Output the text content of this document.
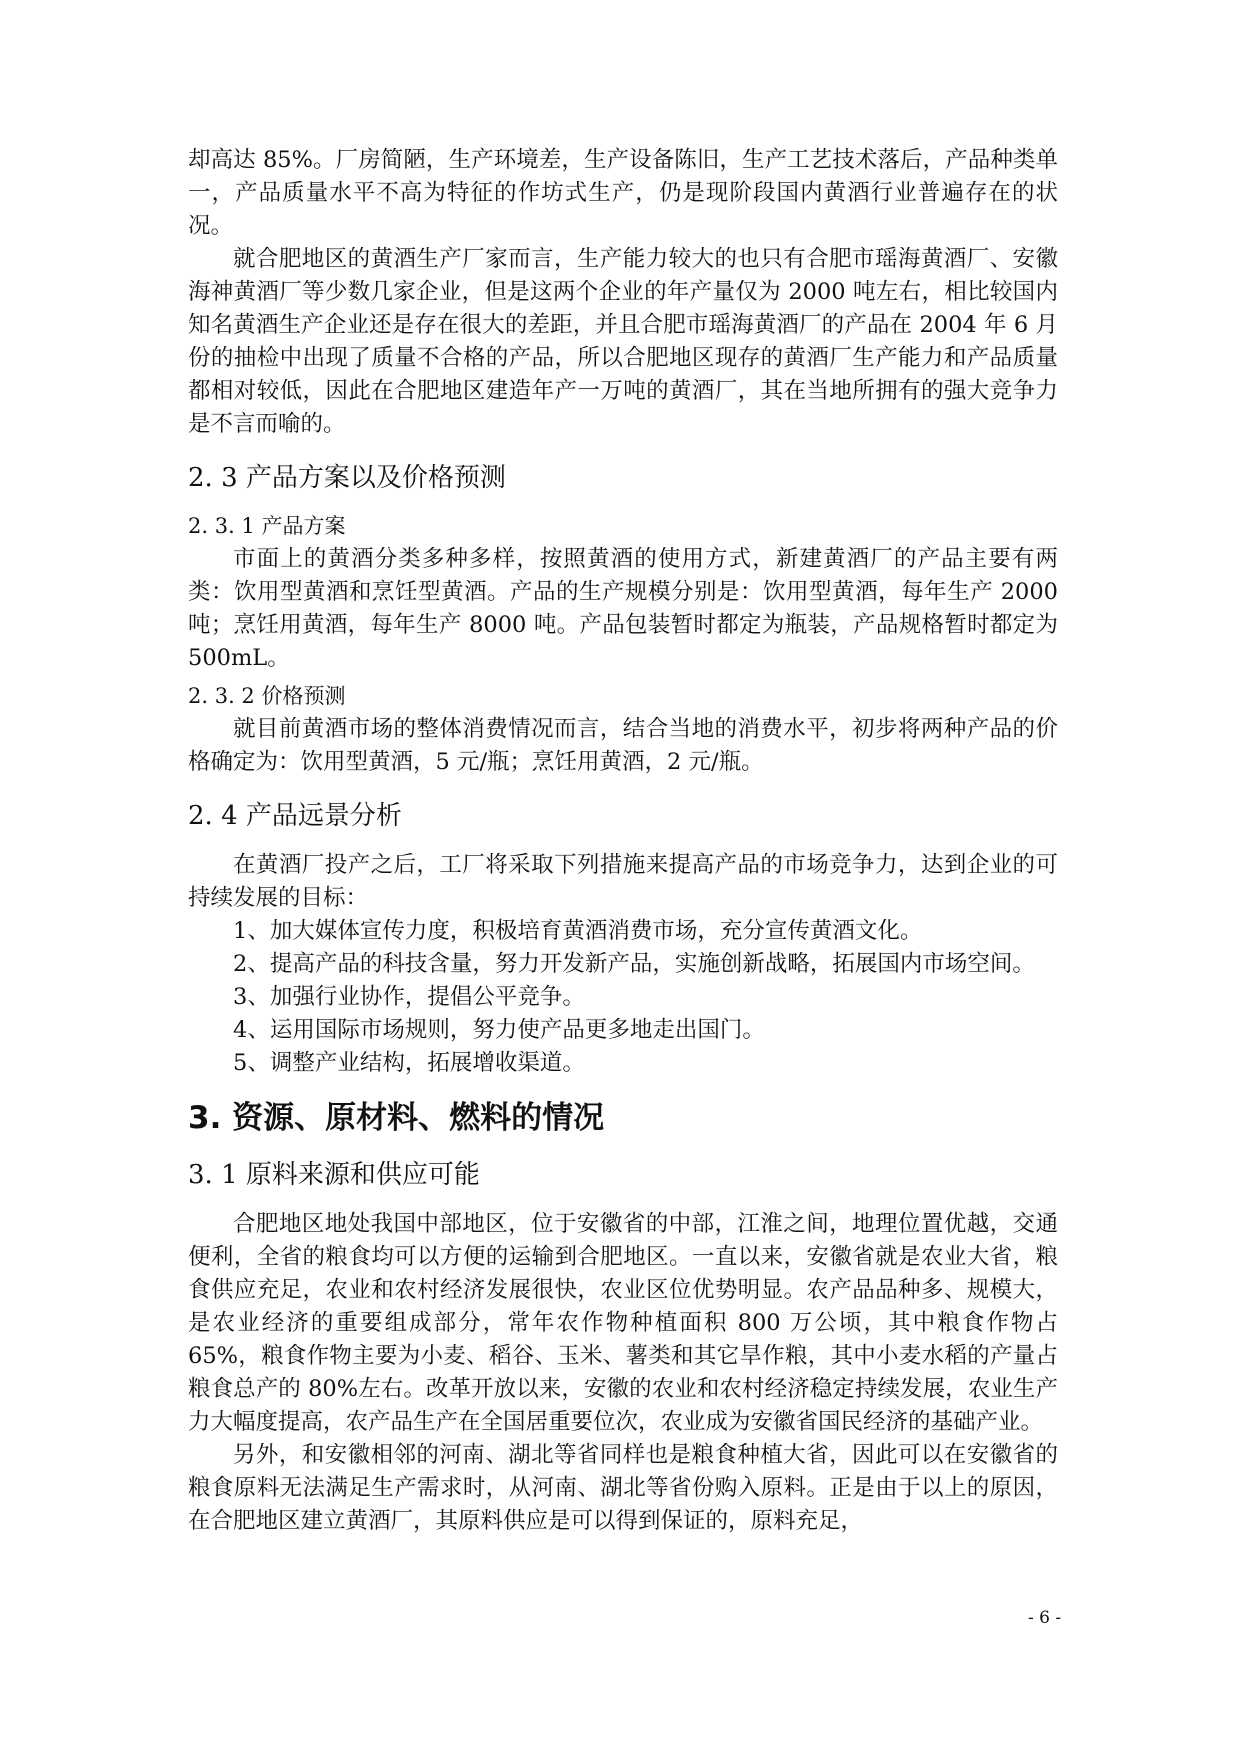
却高达 85%。厂房简陋，生产环境差，生产设备陈旧，生产工艺技术落后，产品种类单一，产品质量水平不高为特征的作坊式生产，仍是现阶段国内黄酒行业普遍存在的状况。

就合肥地区的黄酒生产厂家而言，生产能力较大的也只有合肥市瑶海黄酒厂、安徽海神黄酒厂等少数几家企业，但是这两个企业的年产量仅为 2000 吨左右，相比较国内知名黄酒生产企业还是存在很大的差距，并且合肥市瑶海黄酒厂的产品在 2004 年 6 月份的抽检中出现了质量不合格的产品，所以合肥地区现存的黄酒厂生产能力和产品质量都相对较低，因此在合肥地区建造年产一万吨的黄酒厂，其在当地所拥有的强大竞争力是不言而喻的。

2. 3 产品方案以及价格预测

2. 3. 1 产品方案

市面上的黄酒分类多种多样，按照黄酒的使用方式，新建黄酒厂的产品主要有两类：饮用型黄酒和烹饪型黄酒。产品的生产规模分别是：饮用型黄酒，每年生产 2000 吨；烹饪用黄酒，每年生产 8000 吨。产品包装暂时都定为瓶装，产品规格暂时都定为 500mL。

2. 3. 2 价格预测

就目前黄酒市场的整体消费情况而言，结合当地的消费水平，初步将两种产品的价格确定为：饮用型黄酒，5 元/瓶；烹饪用黄酒，2 元/瓶。

2. 4 产品远景分析

在黄酒厂投产之后，工厂将采取下列措施来提高产品的市场竞争力，达到企业的可持续发展的目标：

1、加大媒体宣传力度，积极培育黄酒消费市场，充分宣传黄酒文化。

2、提高产品的科技含量，努力开发新产品，实施创新战略，拓展国内市场空间。

3、加强行业协作，提倡公平竞争。

4、运用国际市场规则，努力使产品更多地走出国门。

5、调整产业结构，拓展增收渠道。

3. 资源、原材料、燃料的情况

3. 1 原料来源和供应可能

合肥地区地处我国中部地区，位于安徽省的中部，江淮之间，地理位置优越，交通便利，全省的粮食均可以方便的运输到合肥地区。一直以来，安徽省就是农业大省，粮食供应充足，农业和农村经济发展很快，农业区位优势明显。农产品品种多、规模大，是农业经济的重要组成部分，常年农作物种植面积 800 万公顷，其中粮食作物占 65%，粮食作物主要为小麦、稻谷、玉米、薯类和其它旱作粮，其中小麦水稻的产量占粮食总产的 80%左右。改革开放以来，安徽的农业和农村经济稳定持续发展，农业生产力大幅度提高，农产品生产在全国居重要位次，农业成为安徽省国民经济的基础产业。

另外，和安徽相邻的河南、湖北等省同样也是粮食种植大省，因此可以在安徽省的粮食原料无法满足生产需求时，从河南、湖北等省份购入原料。正是由于以上的原因，在合肥地区建立黄酒厂，其原料供应是可以得到保证的，原料充足，

- 6 -
